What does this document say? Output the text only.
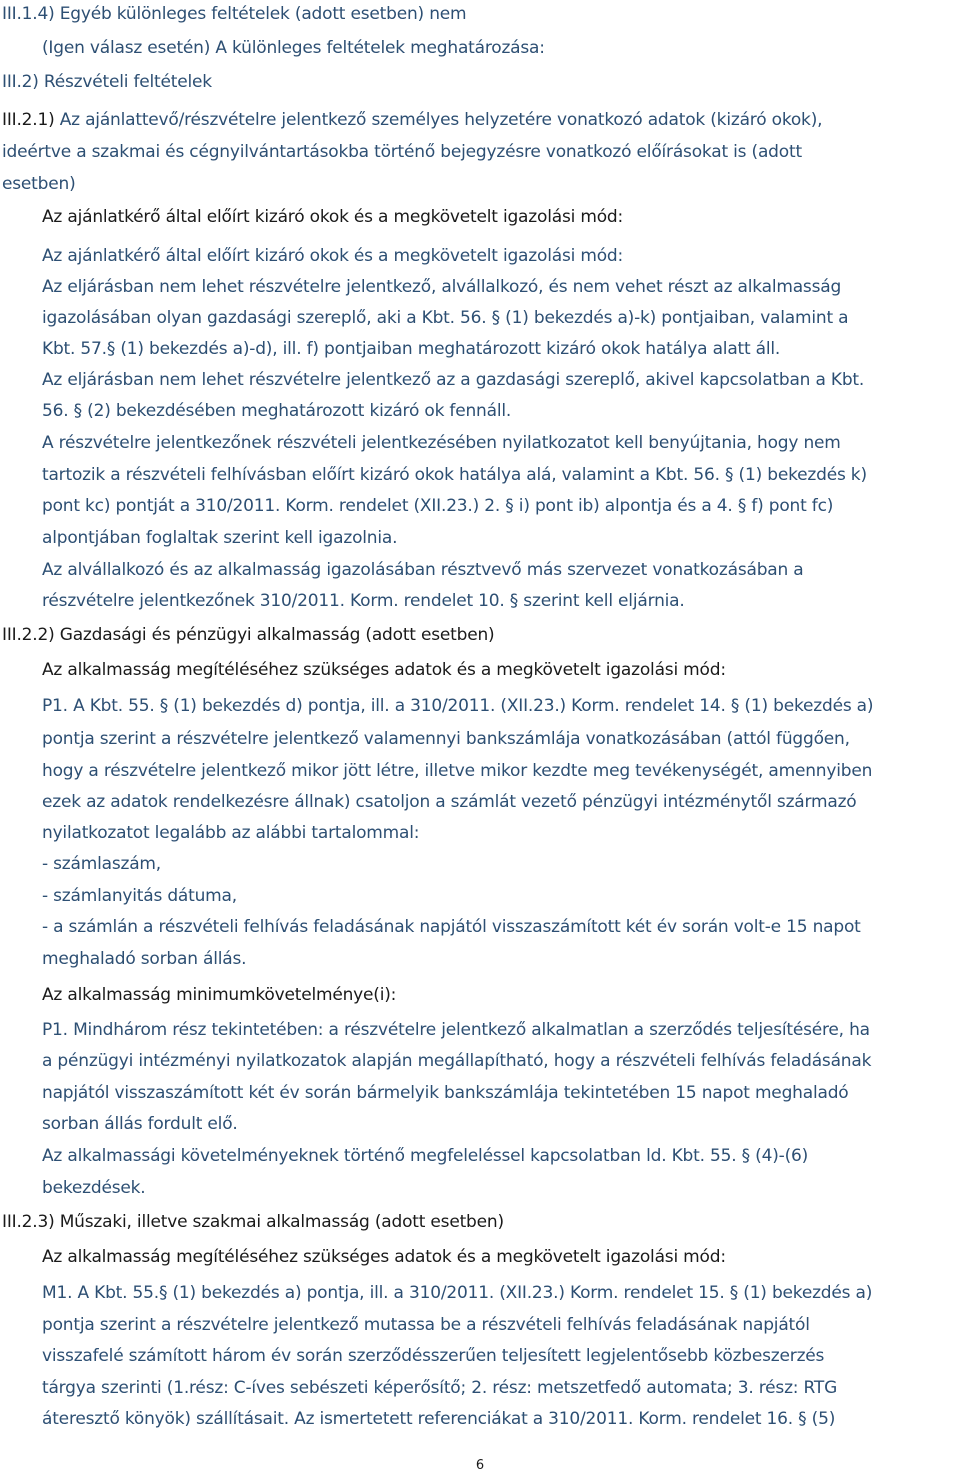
III.1.4) Egyéb különleges feltételek (adott esetben) nem
(Igen válasz esetén) A különleges feltételek meghatározása:
III.2) Részvételi feltételek
III.2.1) Az ajánlattevő/részvételre jelentkező személyes helyzetére vonatkozó adatok (kizáró okok),
ideértve a szakmai és cégnyilvántartásokba történő bejegyzésre vonatkozó előírásokat is (adott
esetben)
Az ajánlatkérő által előírt kizáró okok és a megkövetelt igazolási mód:
Az ajánlatkérő által előírt kizáró okok és a megkövetelt igazolási mód:
Az eljárásban nem lehet részvételre jelentkező, alvállalkozó, és nem vehet részt az alkalmasság
igazolásában olyan gazdasági szereplő, aki a Kbt. 56. § (1) bekezdés a)-k) pontjaiban, valamint a
Kbt. 57.§ (1) bekezdés a)-d), ill. f) pontjaiban meghatározott kizáró okok hatálya alatt áll.
Az eljárásban nem lehet részvételre jelentkező az a gazdasági szereplő, akivel kapcsolatban a Kbt.
56. § (2) bekezdésében meghatározott kizáró ok fennáll.
A részvételre jelentkezőnek részvételi jelentkezésében nyilatkozatot kell benyújtania, hogy nem
tartozik a részvételi felhívásban előírt kizáró okok hatálya alá, valamint a Kbt. 56. § (1) bekezdés k)
pont kc) pontját a 310/2011. Korm. rendelet (XII.23.) 2. § i) pont ib) alpontja és a 4. § f) pont fc)
alpontjában foglaltak szerint kell igazolnia.
Az alvállalkozó és az alkalmasság igazolásában résztvevő más szervezet vonatkozásában a
részvételre jelentkezőnek 310/2011. Korm. rendelet 10. § szerint kell eljárnia.
III.2.2) Gazdasági és pénzügyi alkalmasság (adott esetben)
Az alkalmasság megítéléséhez szükséges adatok és a megkövetelt igazolási mód:
P1. A Kbt. 55. § (1) bekezdés d) pontja, ill. a 310/2011. (XII.23.) Korm. rendelet 14. § (1) bekezdés a)
pontja szerint a részvételre jelentkező valamennyi bankszámlája vonatkozásában (attól függően,
hogy a részvételre jelentkező mikor jött létre, illetve mikor kezdte meg tevékenységét, amennyiben
ezek az adatok rendelkezésre állnak) csatoljon a számlát vezető pénzügyi intézménytől származó
nyilatkozatot legalább az alábbi tartalommal:
- számlaszám,
- számlanyitás dátuma,
- a számlán a részvételi felhívás feladásának napjától visszaszámított két év során volt-e 15 napot
meghaladó sorban állás.
Az alkalmasság minimumkövetelménye(i):
P1. Mindhárom rész tekintetében: a részvételre jelentkező alkalmatlan a szerződés teljesítésére, ha
a pénzügyi intézményi nyilatkozatok alapján megállapítható, hogy a részvételi felhívás feladásának
napjától visszaszámított két év során bármelyik bankszámlája tekintetében 15 napot meghaladó
sorban állás fordult elő.
Az alkalmassági követelményeknek történő megfeleléssel kapcsolatban ld. Kbt. 55. § (4)-(6)
bekezdések.
III.2.3) Műszaki, illetve szakmai alkalmasság (adott esetben)
Az alkalmasság megítéléséhez szükséges adatok és a megkövetelt igazolási mód:
M1. A Kbt. 55.§ (1) bekezdés a) pontja, ill. a 310/2011. (XII.23.) Korm. rendelet 15. § (1) bekezdés a)
pontja szerint a részvételre jelentkező mutassa be a részvételi felhívás feladásának napjától
visszafelé számított három év során szerződésszerűen teljesített legjelentősebb közbeszerzés
tárgya szerinti (1.rész: C-íves sebészeti képerősítő; 2. rész: metszetfedő automata; 3. rész: RTG
áteresztő könyök) szállításait. Az ismertetett referenciákat a 310/2011. Korm. rendelet 16. § (5)
6
